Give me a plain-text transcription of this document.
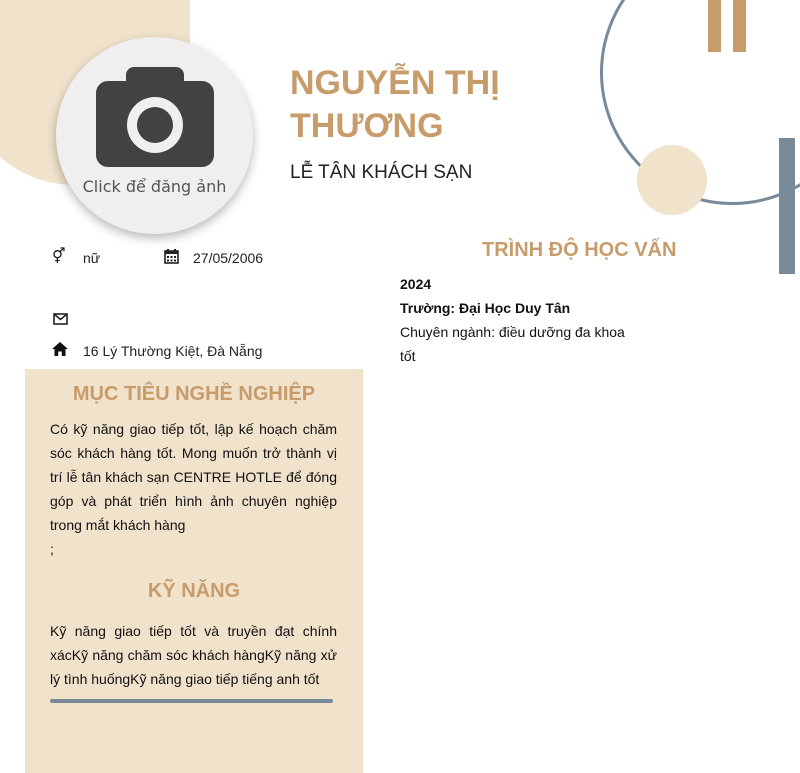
Click để đăng ảnh
NGUYỄN THỊ
THƯƠNG
LỄ TÂN KHÁCH SẠN
⚥ nữ	27/05/2006
16 Lý Thường Kiệt, Đà Nẵng
MỤC TIÊU NGHỀ NGHIỆP
Có kỹ năng giao tiếp tốt, lập kế hoạch chăm sóc khách hàng tốt. Mong muốn trở thành vị trí lễ tân khách sạn CENTRE HOTLE để đóng góp và phát triển hình ảnh chuyên nghiệp trong mắt khách hàng
;
KỸ NĂNG
Kỹ năng giao tiếp tốt và truyền đạt chính xácKỹ năng chăm sóc khách hàngKỹ năng xử lý tình huốngKỹ năng giao tiếp tiếng anh tốt
TRÌNH ĐỘ HỌC VẤN
2024
Trường: Đại Học Duy Tân
Chuyên ngành: điều dưỡng đa khoa
tốt
